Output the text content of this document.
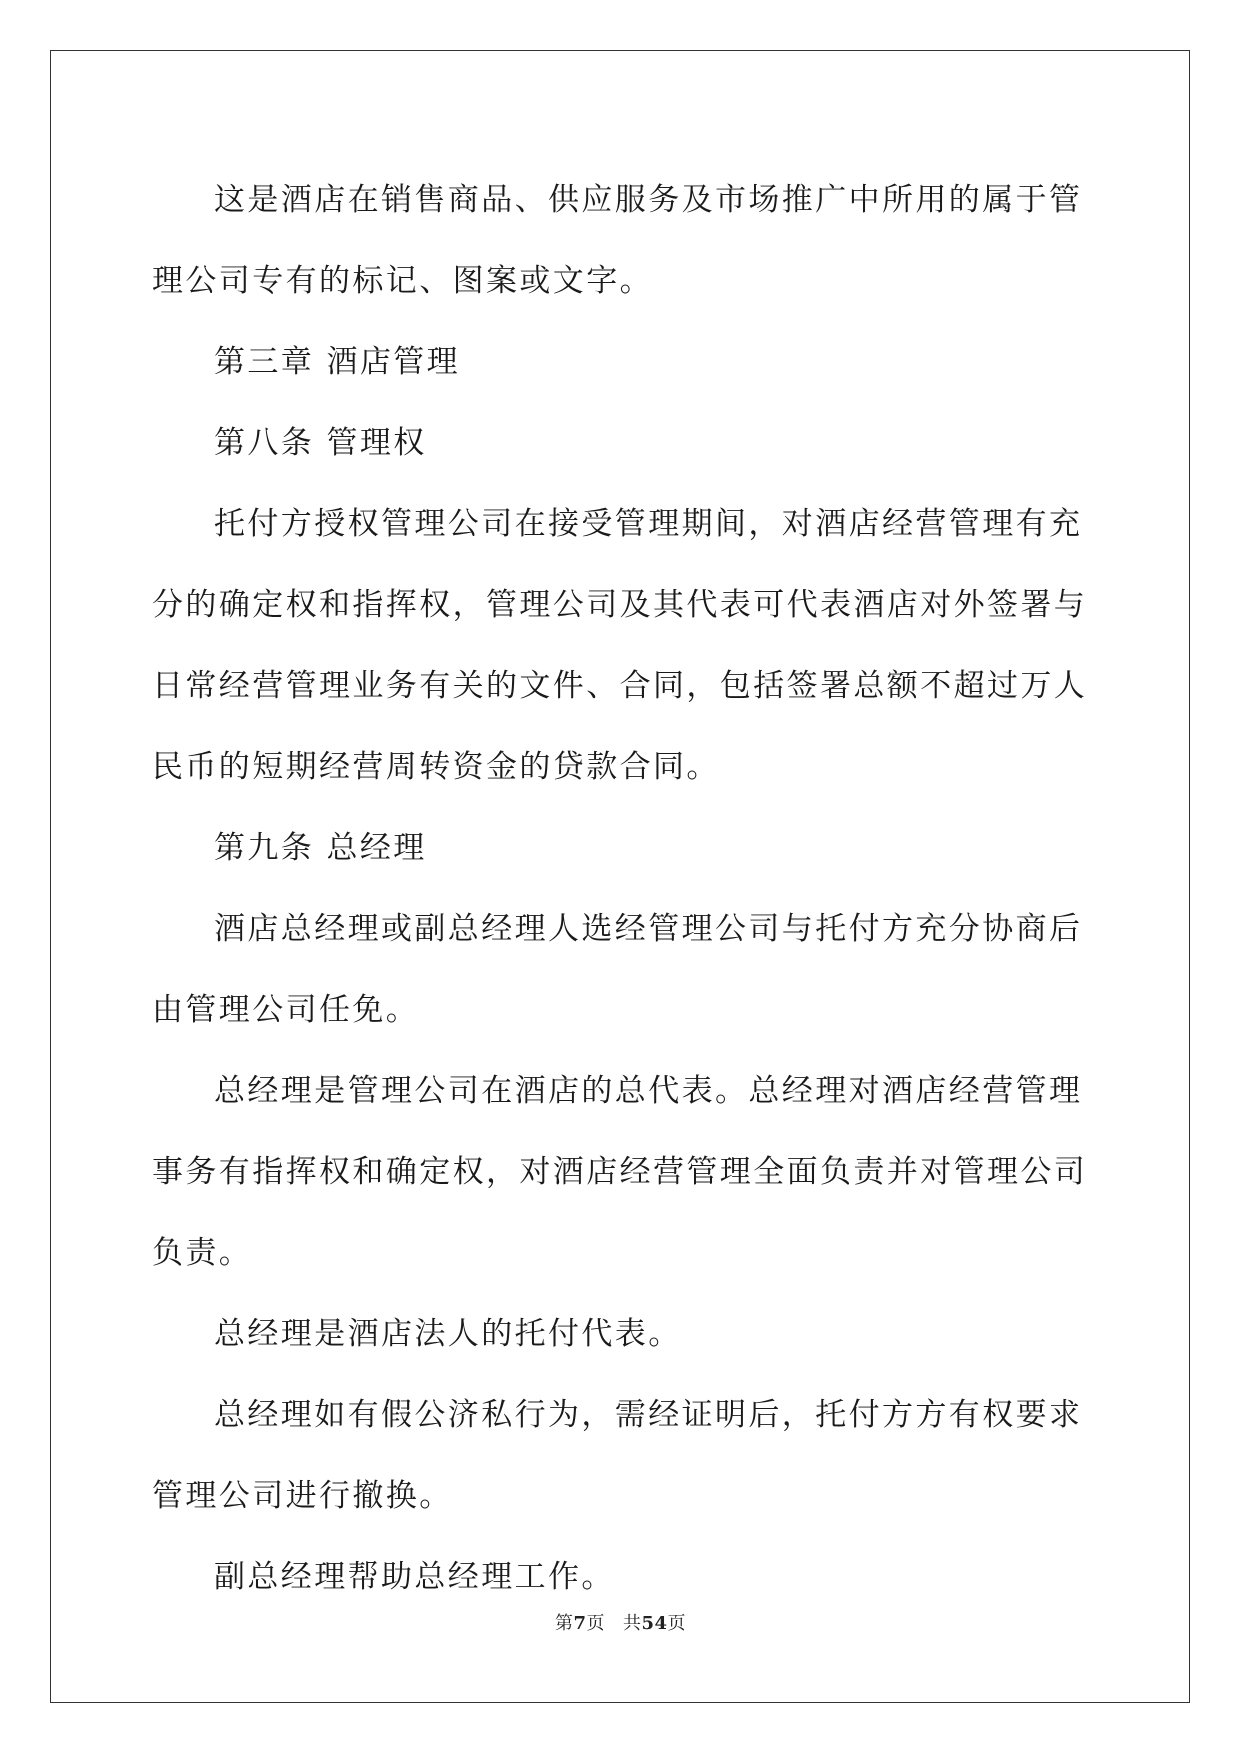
这是酒店在销售商品、供应服务及市场推广中所用的属于管理公司专有的标记、图案或文字。

第三章 酒店管理

第八条 管理权

托付方授权管理公司在接受管理期间，对酒店经营管理有充分的确定权和指挥权，管理公司及其代表可代表酒店对外签署与日常经营管理业务有关的文件、合同，包括签署总额不超过万人民币的短期经营周转资金的贷款合同。

第九条 总经理

酒店总经理或副总经理人选经管理公司与托付方充分协商后由管理公司任免。

总经理是管理公司在酒店的总代表。总经理对酒店经营管理事务有指挥权和确定权，对酒店经营管理全面负责并对管理公司负责。

总经理是酒店法人的托付代表。

总经理如有假公济私行为，需经证明后，托付方方有权要求管理公司进行撤换。

副总经理帮助总经理工作。

第7页 共54页
